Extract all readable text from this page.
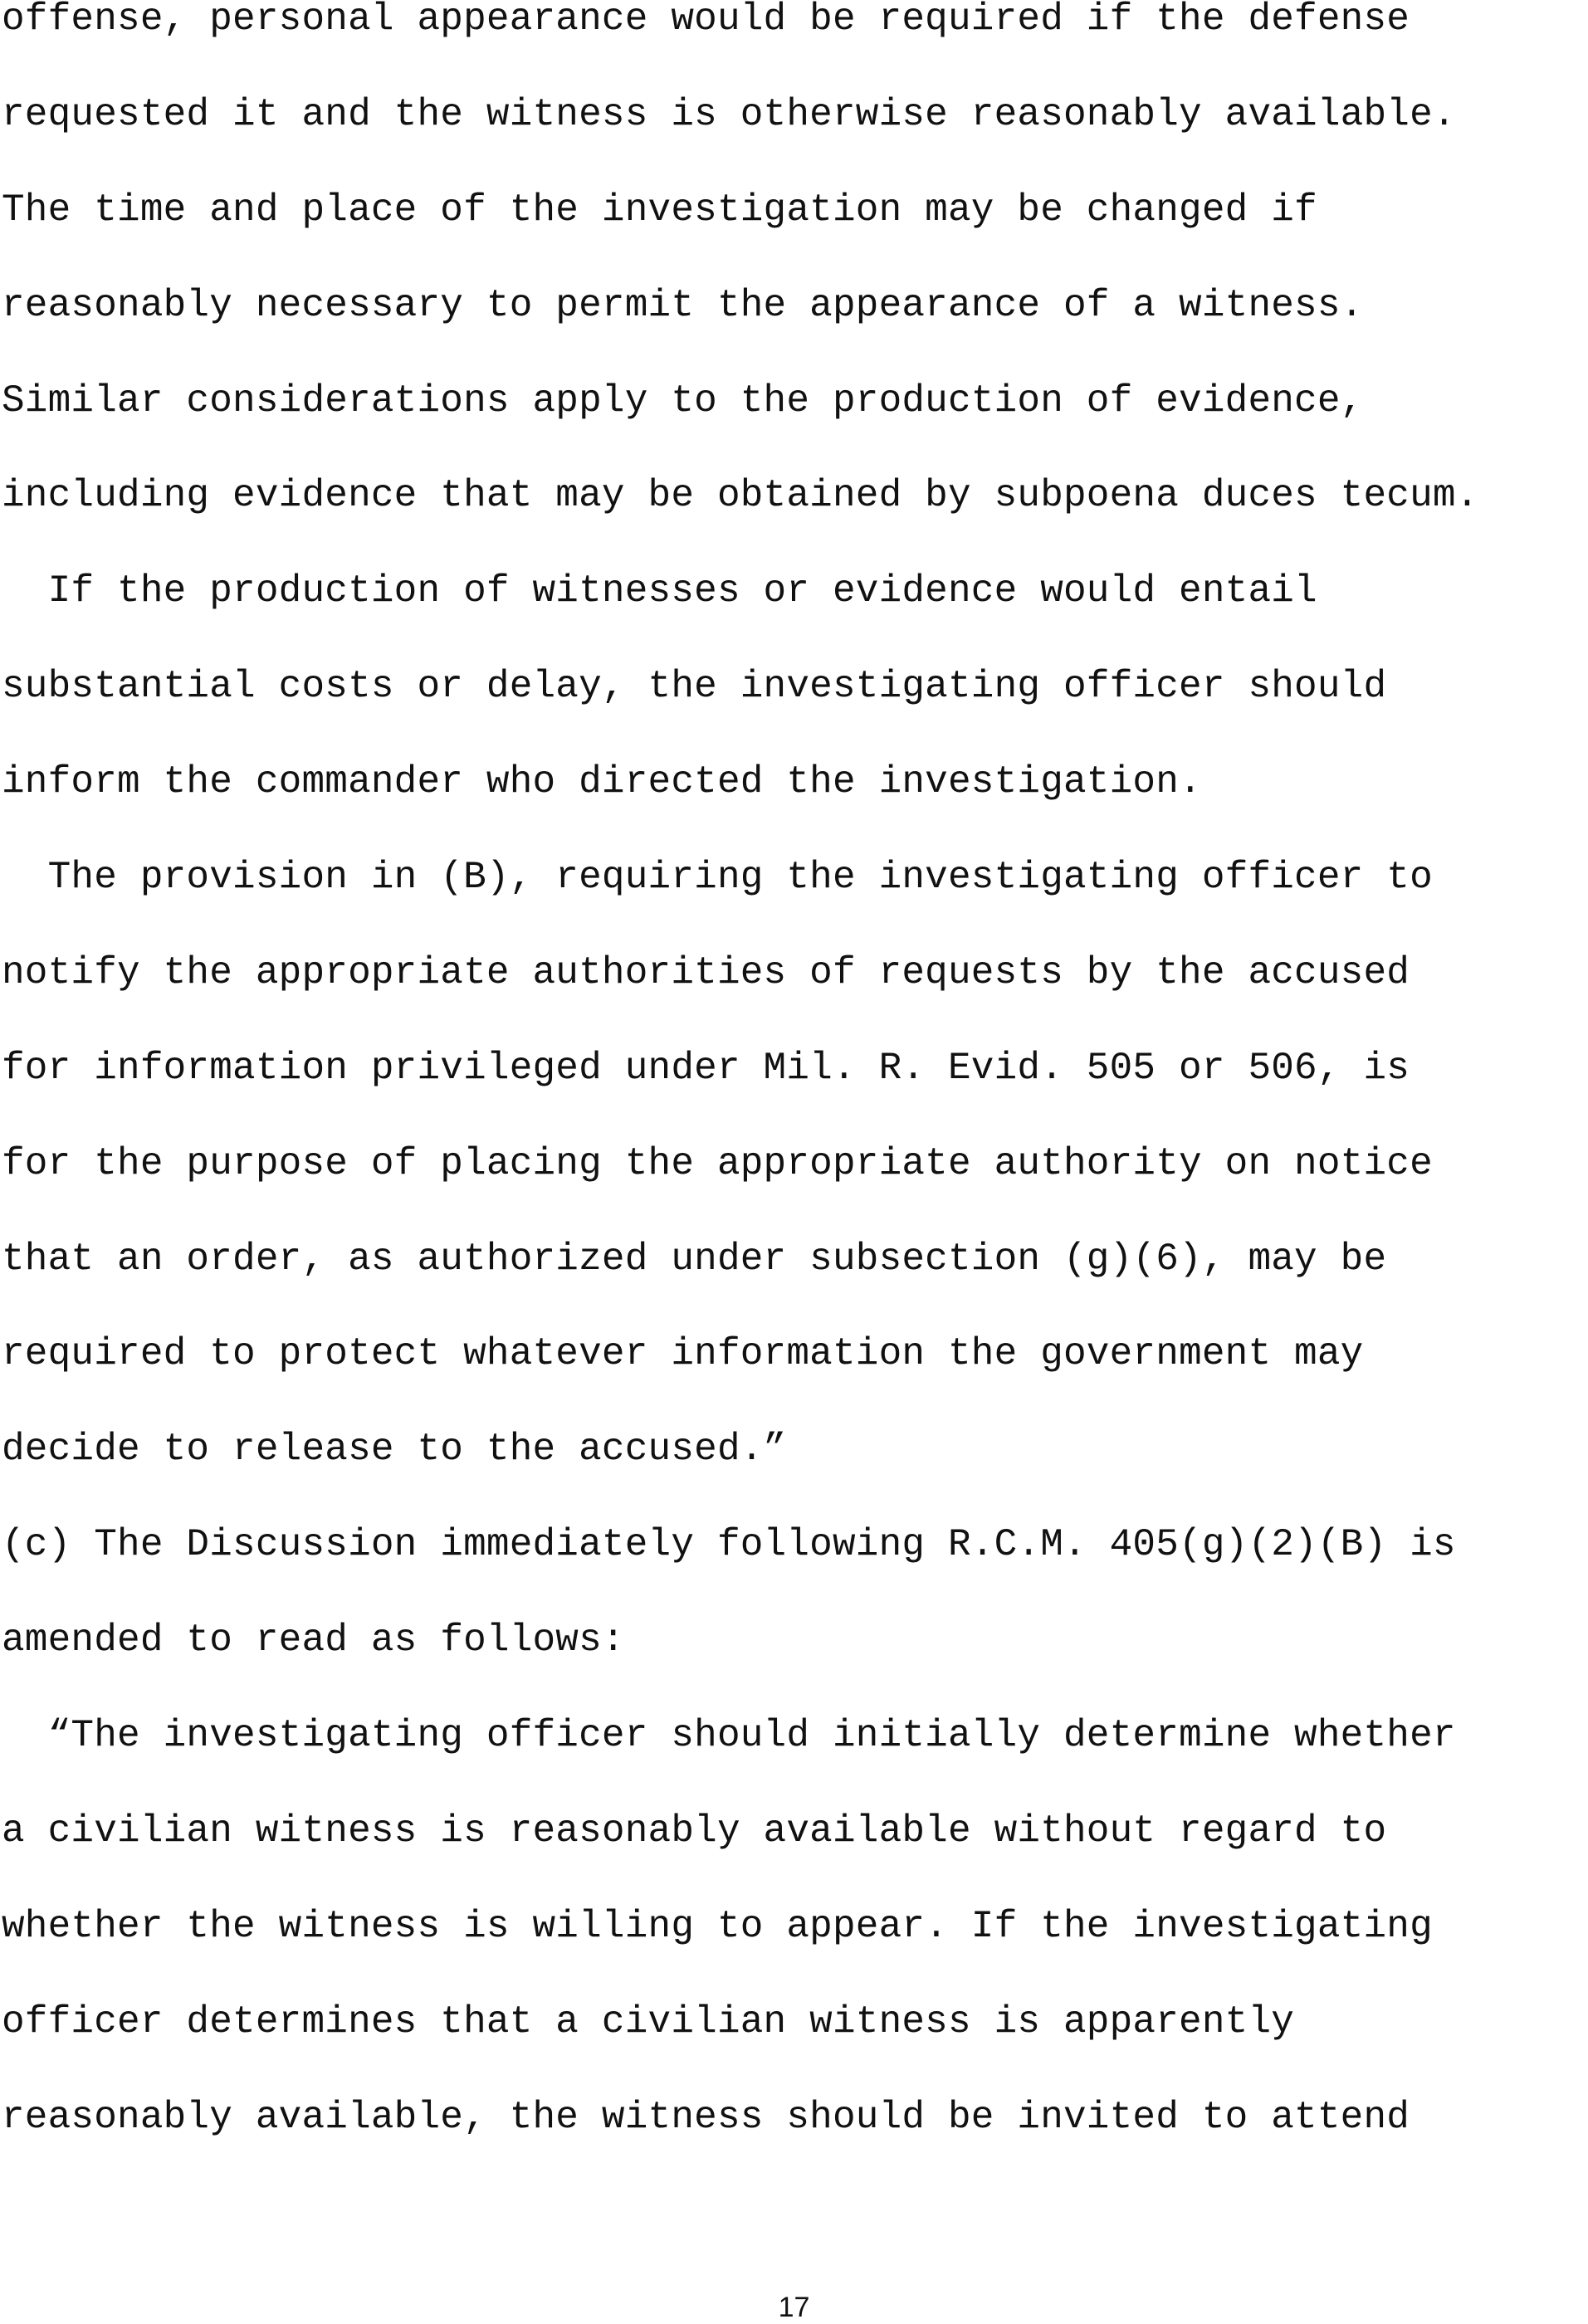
offense, personal appearance would be required if the defense
requested it and the witness is otherwise reasonably available.
The time and place of the investigation may be changed if
reasonably necessary to permit the appearance of a witness.
Similar considerations apply to the production of evidence,
including evidence that may be obtained by subpoena duces tecum.
If the production of witnesses or evidence would entail
substantial costs or delay, the investigating officer should
inform the commander who directed the investigation.
The provision in (B), requiring the investigating officer to
notify the appropriate authorities of requests by the accused
for information privileged under Mil. R. Evid. 505 or 506, is
for the purpose of placing the appropriate authority on notice
that an order, as authorized under subsection (g)(6), may be
required to protect whatever information the government may
decide to release to the accused.”
(c) The Discussion immediately following R.C.M. 405(g)(2)(B) is
amended to read as follows:
“The investigating officer should initially determine whether
a civilian witness is reasonably available without regard to
whether the witness is willing to appear. If the investigating
officer determines that a civilian witness is apparently
reasonably available, the witness should be invited to attend
17
